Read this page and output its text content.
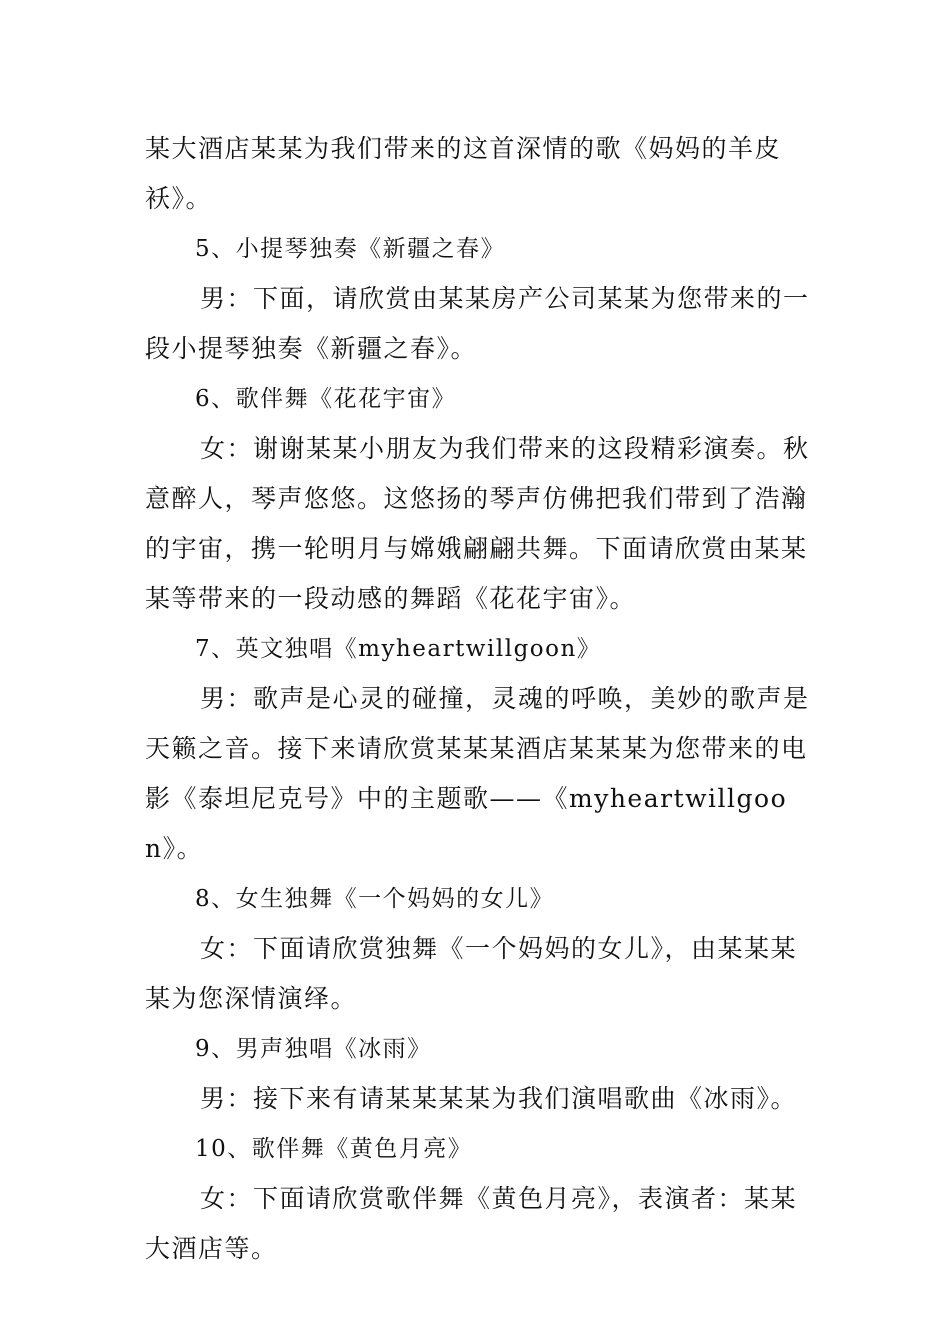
某大酒店某某为我们带来的这首深情的歌《妈妈的羊皮袄》。

5、小提琴独奏《新疆之春》

男：下面，请欣赏由某某房产公司某某为您带来的一段小提琴独奏《新疆之春》。

6、歌伴舞《花花宇宙》

女：谢谢某某小朋友为我们带来的这段精彩演奏。秋意醉人，琴声悠悠。这悠扬的琴声仿佛把我们带到了浩瀚的宇宙，携一轮明月与嫦娥翩翩共舞。下面请欣赏由某某某等带来的一段动感的舞蹈《花花宇宙》。

7、英文独唱《myheartwillgoon》

男：歌声是心灵的碰撞，灵魂的呼唤，美妙的歌声是天籁之音。接下来请欣赏某某某酒店某某某为您带来的电影《泰坦尼克号》中的主题歌——《myheartwillgoon》。

8、女生独舞《一个妈妈的女儿》

女：下面请欣赏独舞《一个妈妈的女儿》，由某某某某为您深情演绎。

9、男声独唱《冰雨》

男：接下来有请某某某某为我们演唱歌曲《冰雨》。

10、歌伴舞《黄色月亮》

女：下面请欣赏歌伴舞《黄色月亮》，表演者：某某大酒店等。
